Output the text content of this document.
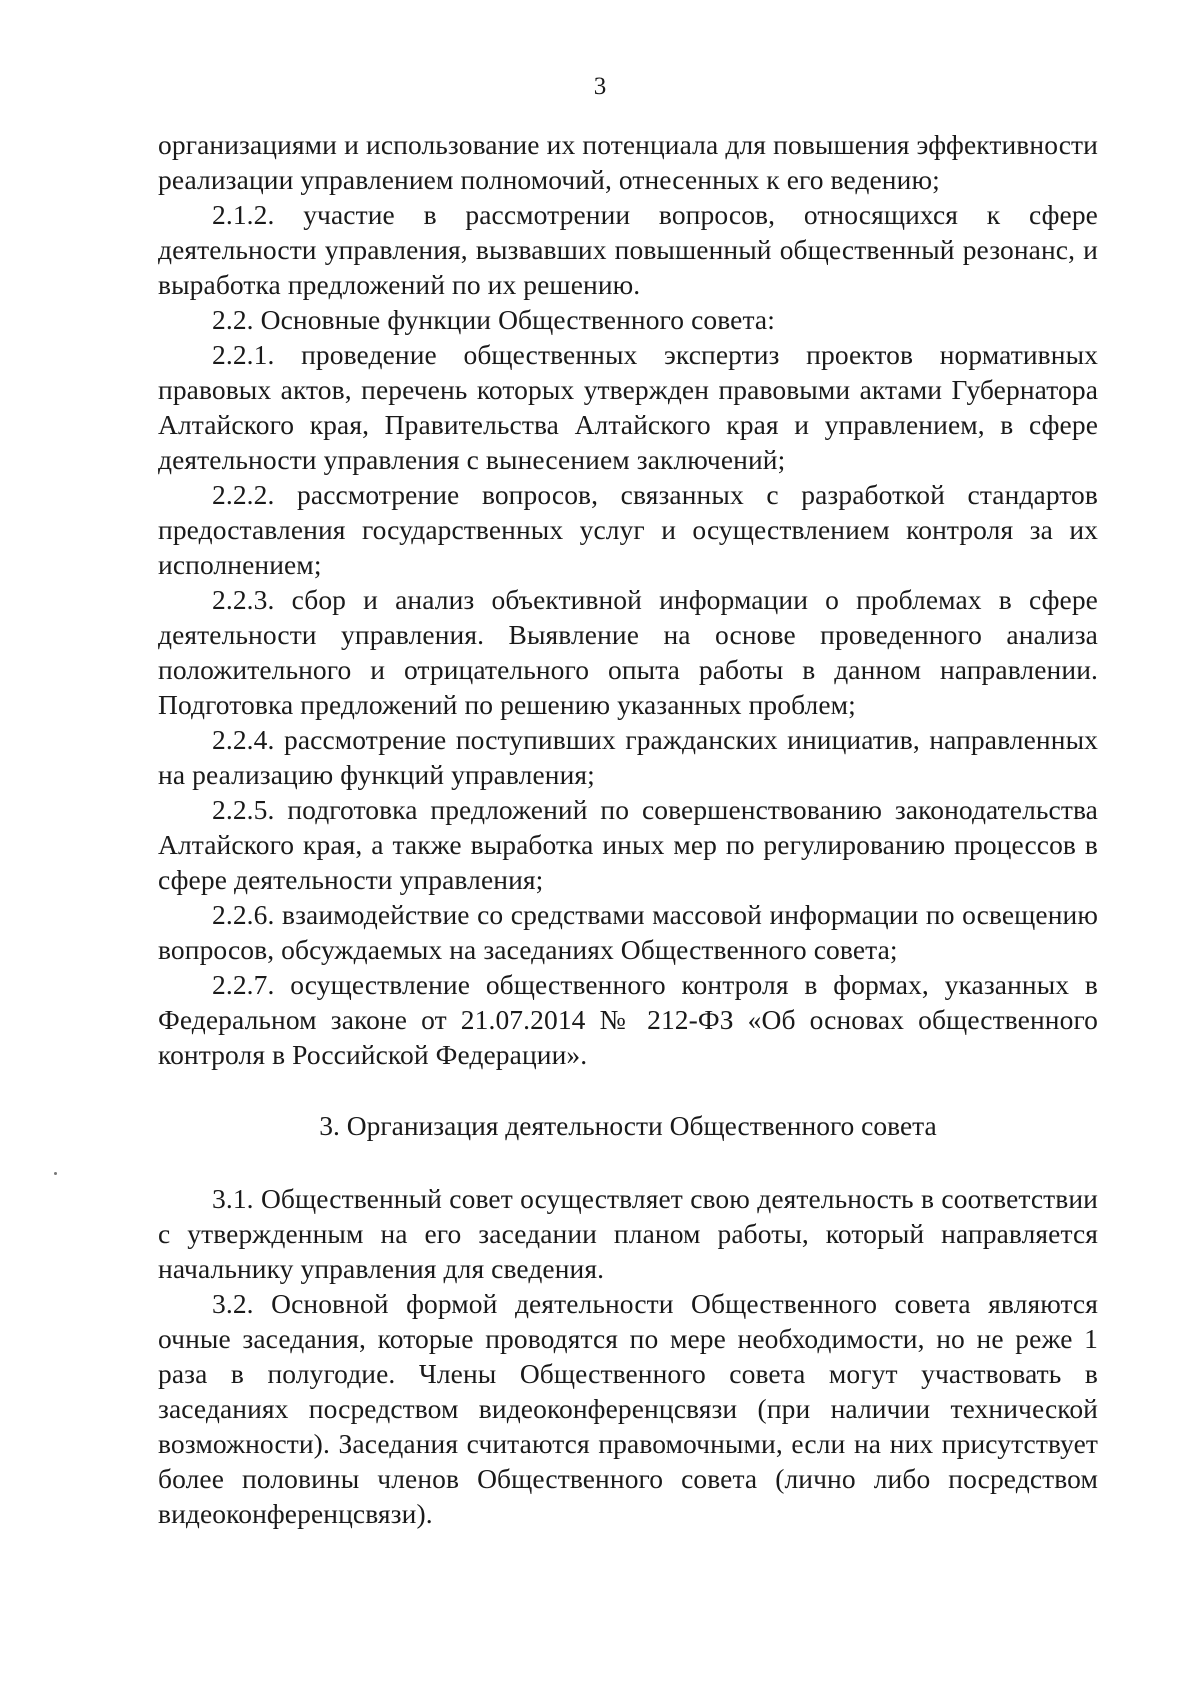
3

организациями и использование их потенциала для повышения эффективности реализации управлением полномочий, отнесенных к его ведению;

2.1.2. участие в рассмотрении вопросов, относящихся к сфере деятельности управления, вызвавших повышенный общественный резонанс, и выработка предложений по их решению.

2.2. Основные функции Общественного совета:

2.2.1. проведение общественных экспертиз проектов нормативных правовых актов, перечень которых утвержден правовыми актами Губернатора Алтайского края, Правительства Алтайского края и управлением, в сфере деятельности управления с вынесением заключений;

2.2.2. рассмотрение вопросов, связанных с разработкой стандартов предоставления государственных услуг и осуществлением контроля за их исполнением;

2.2.3. сбор и анализ объективной информации о проблемах в сфере деятельности управления. Выявление на основе проведенного анализа положительного и отрицательного опыта работы в данном направлении. Подготовка предложений по решению указанных проблем;

2.2.4. рассмотрение поступивших гражданских инициатив, направленных на реализацию функций управления;

2.2.5. подготовка предложений по совершенствованию законодательства Алтайского края, а также выработка иных мер по регулированию процессов в сфере деятельности управления;

2.2.6. взаимодействие со средствами массовой информации по освещению вопросов, обсуждаемых на заседаниях Общественного совета;

2.2.7. осуществление общественного контроля в формах, указанных в Федеральном законе от 21.07.2014 № 212-ФЗ «Об основах общественного контроля в Российской Федерации».

3. Организация деятельности Общественного совета

3.1. Общественный совет осуществляет свою деятельность в соответствии с утвержденным на его заседании планом работы, который направляется начальнику управления для сведения.

3.2. Основной формой деятельности Общественного совета являются очные заседания, которые проводятся по мере необходимости, но не реже 1 раза в полугодие. Члены Общественного совета могут участвовать в заседаниях посредством видеоконференцсвязи (при наличии технической возможности). Заседания считаются правомочными, если на них присутствует более половины членов Общественного совета (лично либо посредством видеоконференцсвязи).
